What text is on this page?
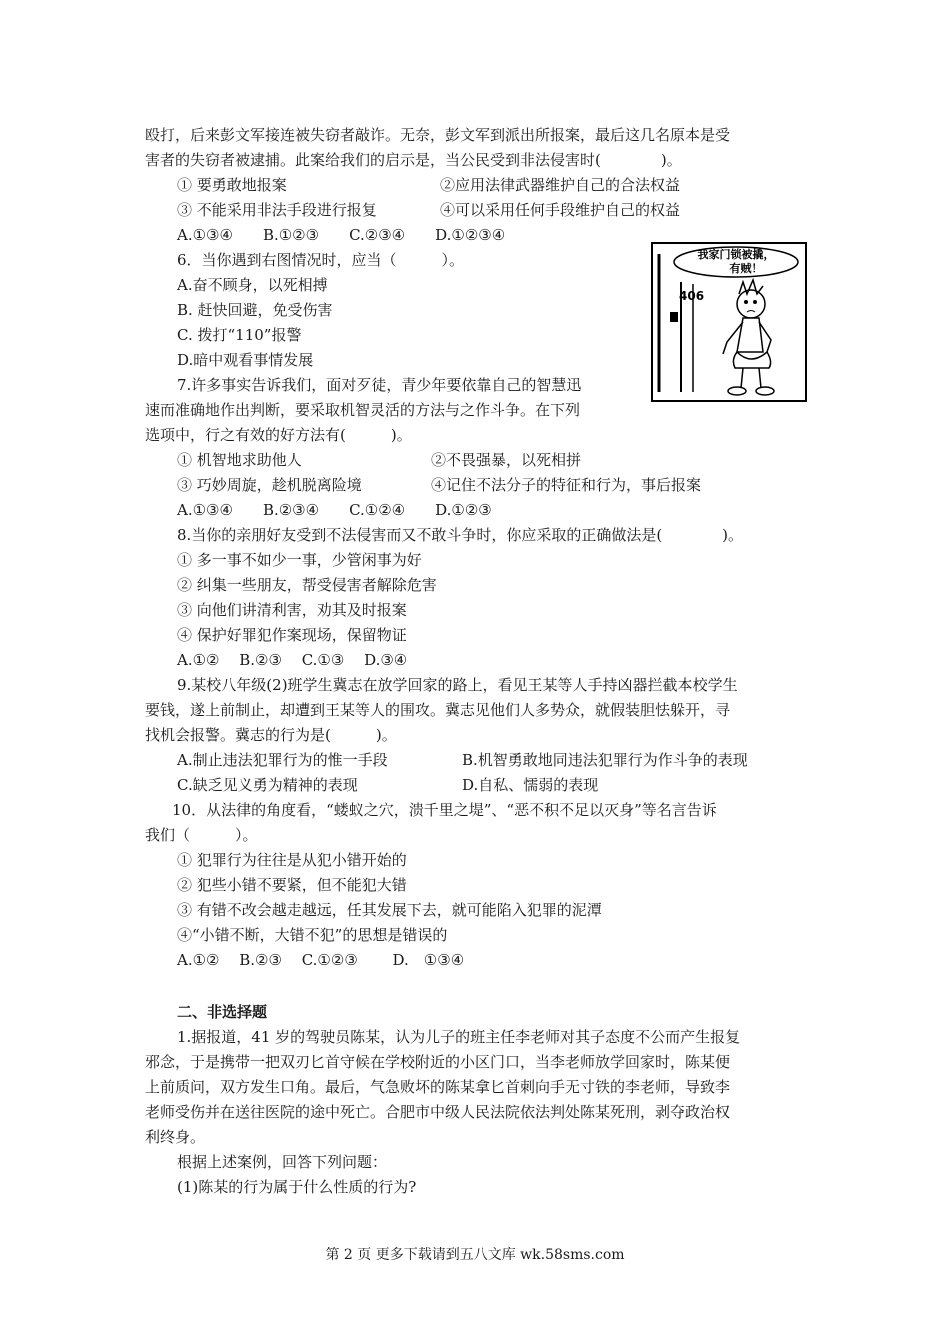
殴打，后来彭文军接连被失窃者敲诈。无奈，彭文军到派出所报案，最后这几名原本是受
害者的失窃者被逮捕。此案给我们的启示是，当公民受到非法侵害时(　　　　)。
① 要勇敢地报案	②应用法律武器维护自己的合法权益
③ 不能采用非法手段进行报复	④可以采用任何手段维护自己的权益
A.①③④　　B.①②③　　C.②③④　　D.①②③④
6．当你遇到右图情况时，应当（　　　）。
A.奋不顾身，以死相搏
B. 赶快回避，免受伤害
C. 拨打“110”报警
D.暗中观看事情发展
我家门锁被撬，
有贼！
406
7.许多事实告诉我们，面对歹徒，青少年要依靠自己的智慧迅
速而准确地作出判断，要采取机智灵活的方法与之作斗争。在下列
选项中，行之有效的好方法有(　　　)。
① 机智地求助他人	②不畏强暴，以死相拼
③ 巧妙周旋，趁机脱离险境	④记住不法分子的特征和行为，事后报案
A.①③④　　B.②③④　　C.①②④　　D.①②③
8.当你的亲朋好友受到不法侵害而又不敢斗争时，你应采取的正确做法是(　　　　)。
① 多一事不如少一事，少管闲事为好
② 纠集一些朋友，帮受侵害者解除危害
③ 向他们讲清利害，劝其及时报案
④ 保护好罪犯作案现场，保留物证
A.①②　 B.②③　 C.①③　 D.③④
9.某校八年级(2)班学生冀志在放学回家的路上，看见王某等人手持凶器拦截本校学生
要钱，遂上前制止，却遭到王某等人的围攻。冀志见他们人多势众，就假装胆怯躲开，寻
找机会报警。冀志的行为是(　　　)。
A.制止违法犯罪行为的惟一手段	B.机智勇敢地同违法犯罪行为作斗争的表现
C.缺乏见义勇为精神的表现	D.自私、懦弱的表现
10．从法律的角度看，“蝼蚁之穴，溃千里之堤”、“恶不积不足以灭身”等名言告诉
我们（　　　）。
① 犯罪行为往往是从犯小错开始的
② 犯些小错不要紧，但不能犯大错
③ 有错不改会越走越远，任其发展下去，就可能陷入犯罪的泥潭
④“小错不断，大错不犯”的思想是错误的
A.①②　 B.②③　 C.①②③　　 D.　①③④
二、非选择题
1.据报道，41 岁的驾驶员陈某，认为儿子的班主任李老师对其子态度不公而产生报复
邪念，于是携带一把双刃匕首守候在学校附近的小区门口，当李老师放学回家时，陈某便
上前质问，双方发生口角。最后，气急败坏的陈某拿匕首刺向手无寸铁的李老师，导致李
老师受伤并在送往医院的途中死亡。合肥市中级人民法院依法判处陈某死刑，剥夺政治权
利终身。
根据上述案例，回答下列问题：
(1)陈某的行为属于什么性质的行为?
第 2 页 更多下载请到五八文库 wk.58sms.com
